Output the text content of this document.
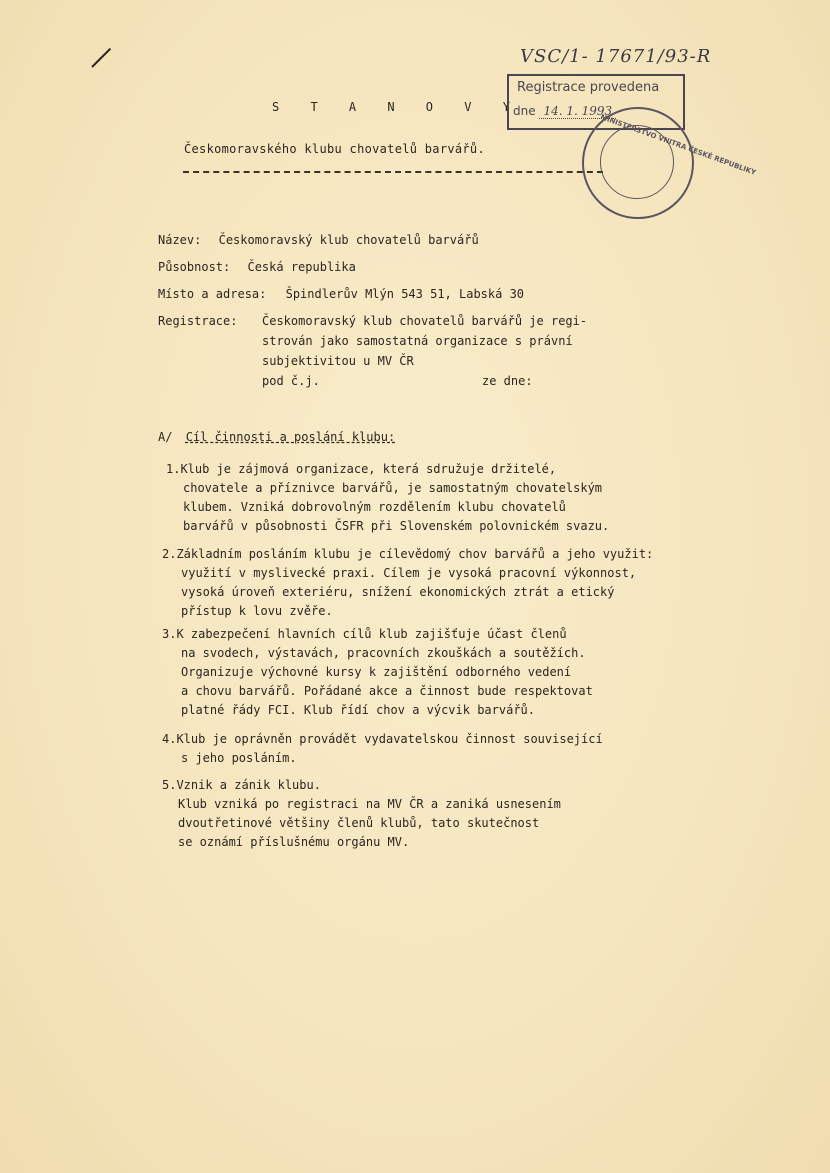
S T A N O V Y
Českomoravského klubu chovatelů barvářů.
VSC/1- 17671/93-R
Registrace provedena
dne 14. 1. 1993
MINISTERSTVO VNITRA ČESKÉ REPUBLIKY
Název: Českomoravský klub chovatelů barvářů
Působnost: Česká republika
Místo a adresa: Špindlerův Mlýn 543 51, Labská 30
Registrace: Českomoravský klub chovatelů barvářů je regi-
strován jako samostatná organizace s právní
subjektivitou u MV ČR
pod č.j.	ze dne:
A/ Cíl činnosti a poslání klubu:

1.Klub je zájmová organizace, která sdružuje držitelé,

chovatele a příznivce barvářů, je samostatným chovatelským

klubem. Vzniká dobrovolným rozdělením klubu chovatelů

barvářů v působnosti ČSFR při Slovenském polovnickém svazu.

2.Základním posláním klubu je cílevědomý chov barvářů a jeho využit:

využití v myslivecké praxi. Cílem je vysoká pracovní výkonnost,

vysoká úroveň exteriéru, snížení ekonomických ztrát a etický

přístup k lovu zvěře.

3.K zabezpečení hlavních cílů klub zajišťuje účast členů

na svodech, výstavách, pracovních zkouškách a soutěžích.

Organizuje výchovné kursy k zajištění odborného vedení

a chovu barvářů. Pořádané akce a činnost bude respektovat

platné řády FCI. Klub řídí chov a výcvik barvářů.

4.Klub je oprávněn provádět vydavatelskou činnost související

s jeho posláním.

5.Vznik a zánik klubu.

Klub vzniká po registraci na MV ČR a zaniká usnesením

dvoutřetinové většiny členů klubů, tato skutečnost

se oznámí příslušnému orgánu MV.
